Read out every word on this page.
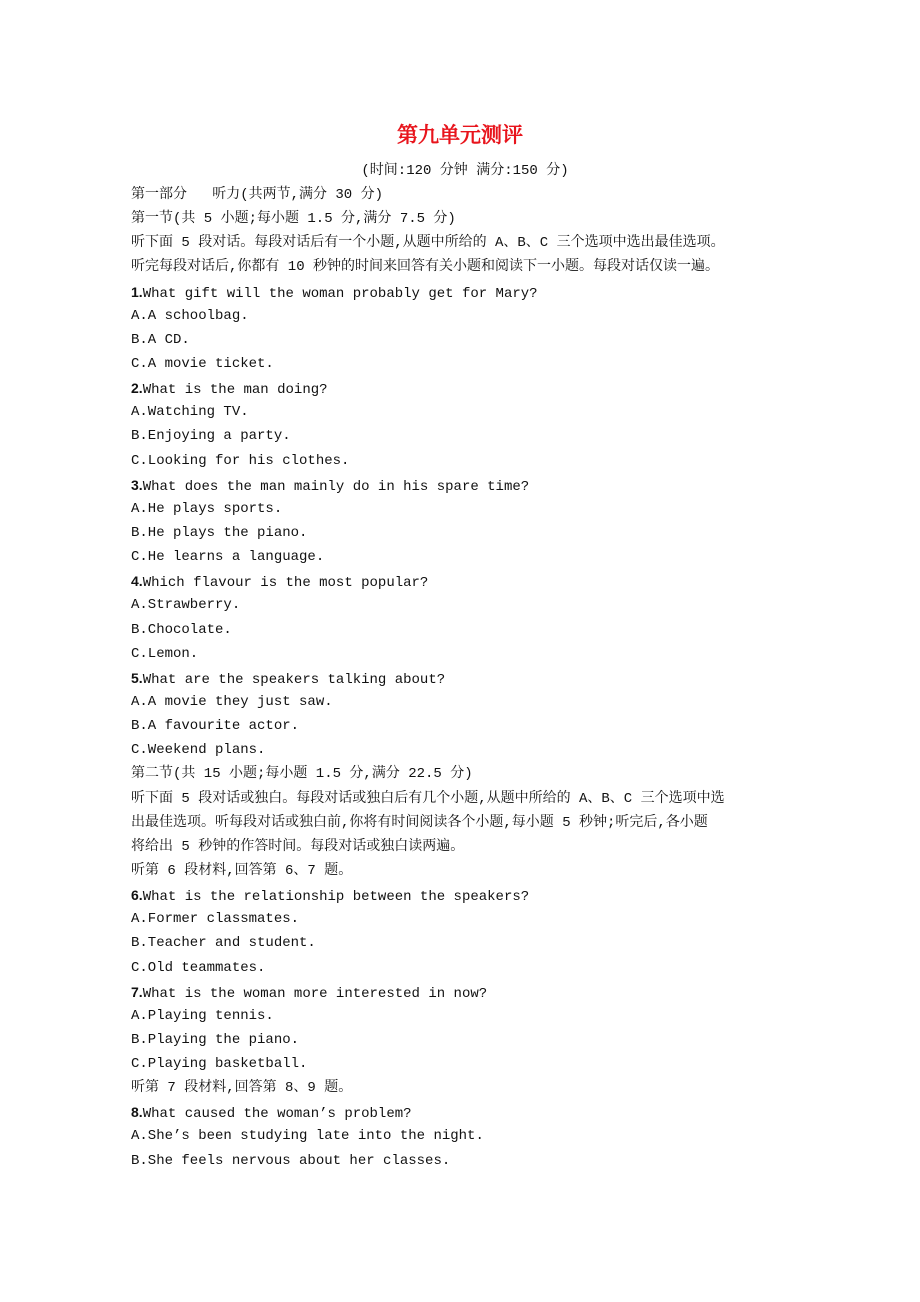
第九单元测评
(时间:120 分钟 满分:150 分)
第一部分   听力(共两节,满分 30 分)
第一节(共 5 小题;每小题 1.5 分,满分 7.5 分)
听下面 5 段对话。每段对话后有一个小题,从题中所给的 A、B、C 三个选项中选出最佳选项。
听完每段对话后,你都有 10 秒钟的时间来回答有关小题和阅读下一小题。每段对话仅读一遍。
1.What gift will the woman probably get for Mary?
A.A schoolbag.
B.A CD.
C.A movie ticket.
2.What is the man doing?
A.Watching TV.
B.Enjoying a party.
C.Looking for his clothes.
3.What does the man mainly do in his spare time?
A.He plays sports.
B.He plays the piano.
C.He learns a language.
4.Which flavour is the most popular?
A.Strawberry.
B.Chocolate.
C.Lemon.
5.What are the speakers talking about?
A.A movie they just saw.
B.A favourite actor.
C.Weekend plans.
第二节(共 15 小题;每小题 1.5 分,满分 22.5 分)
听下面 5 段对话或独白。每段对话或独白后有几个小题,从题中所给的 A、B、C 三个选项中选
出最佳选项。听每段对话或独白前,你将有时间阅读各个小题,每小题 5 秒钟;听完后,各小题
将给出 5 秒钟的作答时间。每段对话或独白读两遍。
听第 6 段材料,回答第 6、7 题。
6.What is the relationship between the speakers?
A.Former classmates.
B.Teacher and student.
C.Old teammates.
7.What is the woman more interested in now?
A.Playing tennis.
B.Playing the piano.
C.Playing basketball.
听第 7 段材料,回答第 8、9 题。
8.What caused the woman’s problem?
A.She’s been studying late into the night.
B.She feels nervous about her classes.
